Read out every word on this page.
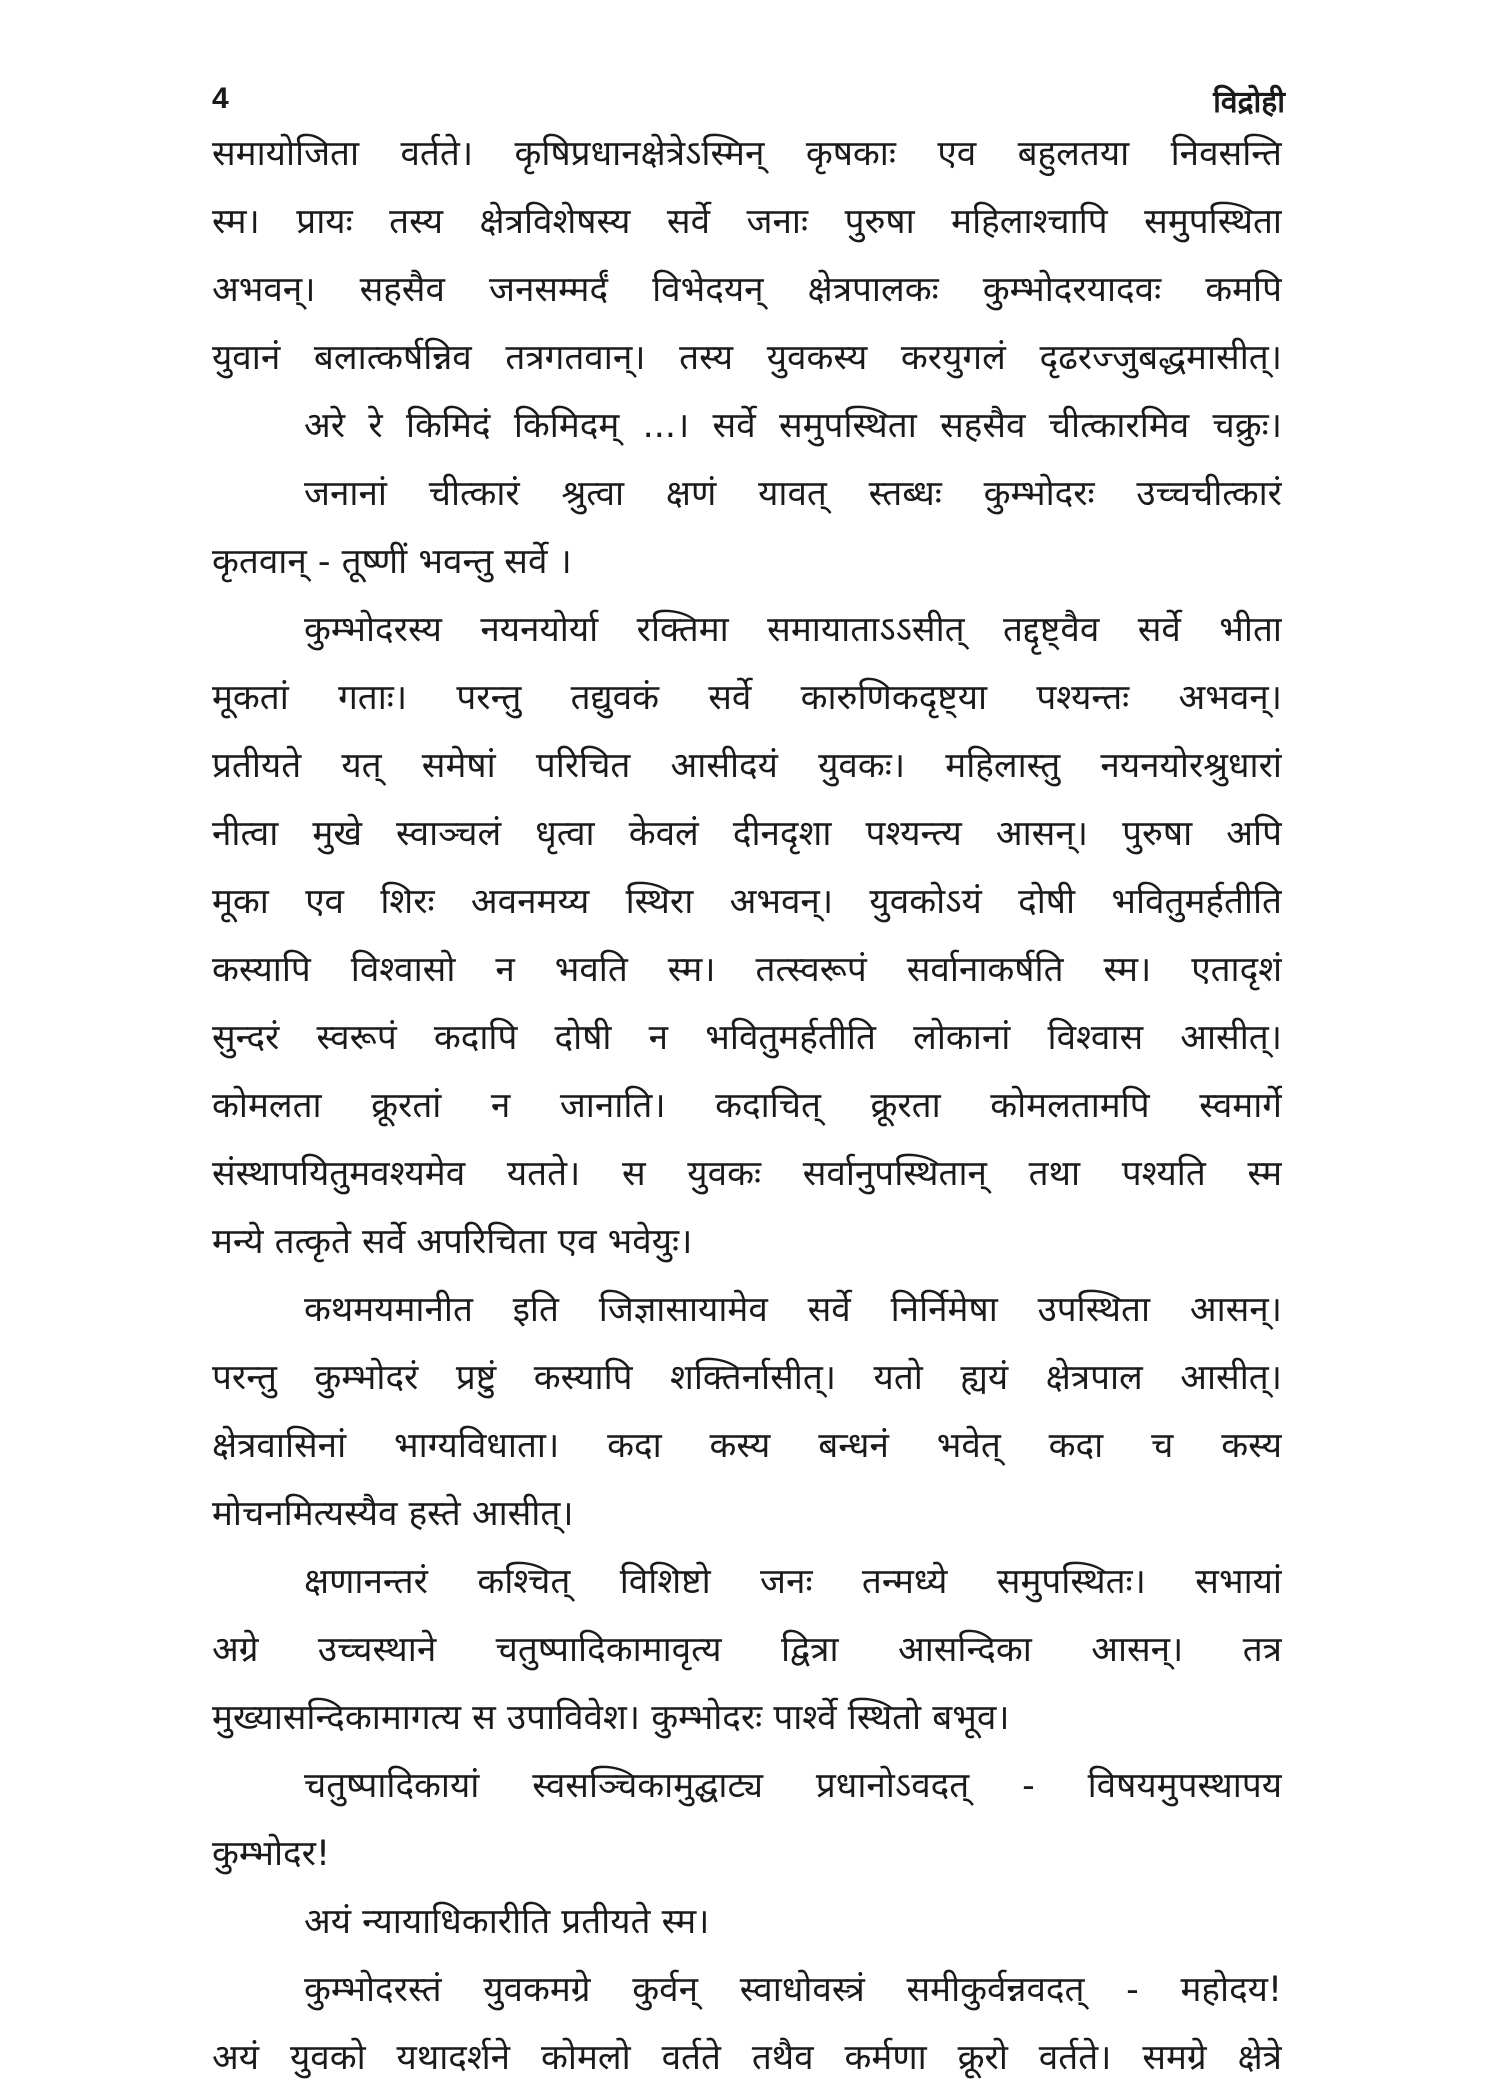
4	विद्रोही
समायोजिता वर्तते। कृषिप्रधानक्षेत्रेऽस्मिन् कृषकाः एव बहुलतया निवसन्ति
स्म। प्रायः तस्य क्षेत्रविशेषस्य सर्वे जनाः पुरुषा महिलाश्चापि समुपस्थिता
अभवन्। सहसैव जनसम्मर्दं विभेदयन् क्षेत्रपालकः कुम्भोदरयादवः कमपि
युवानं बलात्कर्षन्निव तत्रगतवान्। तस्य युवकस्य करयुगलं दृढरज्जुबद्धमासीत्।
अरे रे किमिदं किमिदम् ...। सर्वे समुपस्थिता सहसैव चीत्कारमिव चक्रुः।
जनानां चीत्कारं श्रुत्वा क्षणं यावत् स्तब्धः कुम्भोदरः उच्चचीत्कारं
कृतवान् - तूष्णीं भवन्तु सर्वे ।
कुम्भोदरस्य नयनयोर्या रक्तिमा समायाताऽऽसीत् तद्दृष्ट्वैव सर्वे भीता
मूकतां गताः। परन्तु तद्युवकं सर्वे कारुणिकदृष्ट्या पश्यन्तः अभवन्।
प्रतीयते यत् समेषां परिचित आसीदयं युवकः। महिलास्तु नयनयोरश्रुधारां
नीत्वा मुखे स्वाञ्चलं धृत्वा केवलं दीनदृशा पश्यन्त्य आसन्। पुरुषा अपि
मूका एव शिरः अवनमय्य स्थिरा अभवन्। युवकोऽयं दोषी भवितुमर्हतीति
कस्यापि विश्वासो न भवति स्म। तत्स्वरूपं सर्वानाकर्षति स्म। एतादृशं
सुन्दरं स्वरूपं कदापि दोषी न भवितुमर्हतीति लोकानां विश्वास आसीत्।
कोमलता क्रूरतां न जानाति। कदाचित् क्रूरता कोमलतामपि स्वमार्गे
संस्थापयितुमवश्यमेव यतते। स युवकः सर्वानुपस्थितान् तथा पश्यति स्म
मन्ये तत्कृते सर्वे अपरिचिता एव भवेयुः।
कथमयमानीत इति जिज्ञासायामेव सर्वे निर्निमेषा उपस्थिता आसन्।
परन्तु कुम्भोदरं प्रष्टुं कस्यापि शक्तिर्नासीत्। यतो ह्ययं क्षेत्रपाल आसीत्।
क्षेत्रवासिनां भाग्यविधाता। कदा कस्य बन्धनं भवेत् कदा च कस्य
मोचनमित्यस्यैव हस्ते आसीत्।
क्षणानन्तरं कश्चित् विशिष्टो जनः तन्मध्ये समुपस्थितः। सभायां
अग्रे उच्चस्थाने चतुष्पादिकामावृत्य द्वित्रा आसन्दिका आसन्। तत्र
मुख्यासन्दिकामागत्य स उपाविवेश। कुम्भोदरः पार्श्वे स्थितो बभूव।
चतुष्पादिकायां स्वसञ्चिकामुद्घाट्य प्रधानोऽवदत् - विषयमुपस्थापय
कुम्भोदर!
अयं न्यायाधिकारीति प्रतीयते स्म।
कुम्भोदरस्तं युवकमग्रे कुर्वन् स्वाधोवस्त्रं समीकुर्वन्नवदत् - महोदय!
अयं युवको यथादर्शने कोमलो वर्तते तथैव कर्मणा क्रूरो वर्तते। समग्रे क्षेत्रे
